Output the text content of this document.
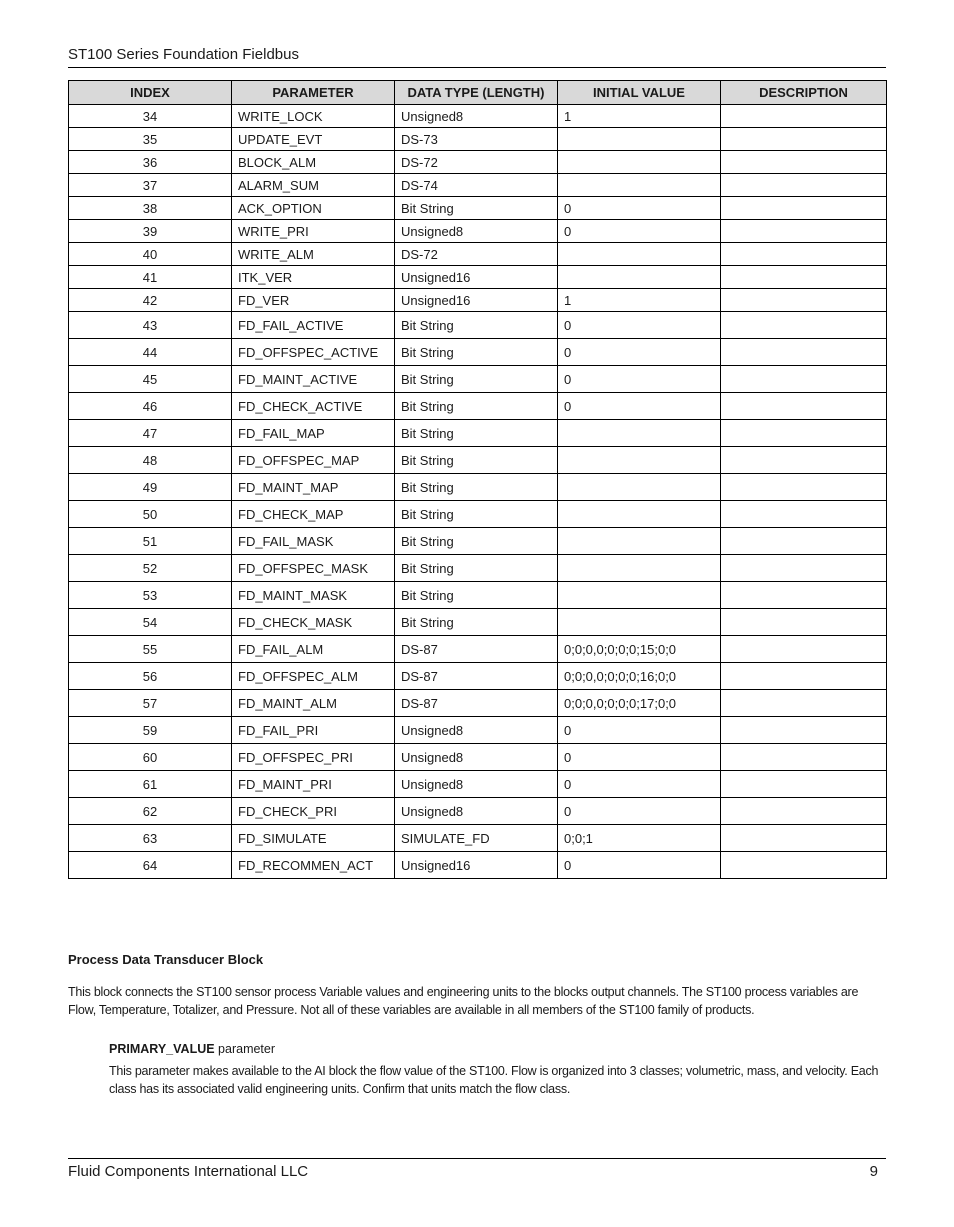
ST100 Series Foundation Fieldbus
INDEX	PARAMETER	DATA TYPE (LENGTH)	INITIAL VALUE	DESCRIPTION
34	WRITE_LOCK	Unsigned8	1	
35	UPDATE_EVT	DS-73		
36	BLOCK_ALM	DS-72		
37	ALARM_SUM	DS-74		
38	ACK_OPTION	Bit String	0	
39	WRITE_PRI	Unsigned8	0	
40	WRITE_ALM	DS-72		
41	ITK_VER	Unsigned16		
42	FD_VER	Unsigned16	1	
43	FD_FAIL_ACTIVE	Bit String	0	
44	FD_OFFSPEC_ACTIVE	Bit String	0	
45	FD_MAINT_ACTIVE	Bit String	0	
46	FD_CHECK_ACTIVE	Bit String	0	
47	FD_FAIL_MAP	Bit String		
48	FD_OFFSPEC_MAP	Bit String		
49	FD_MAINT_MAP	Bit String		
50	FD_CHECK_MAP	Bit String		
51	FD_FAIL_MASK	Bit String		
52	FD_OFFSPEC_MASK	Bit String		
53	FD_MAINT_MASK	Bit String		
54	FD_CHECK_MASK	Bit String		
55	FD_FAIL_ALM	DS-87	0;0;0,0;0;0;0;15;0;0	
56	FD_OFFSPEC_ALM	DS-87	0;0;0,0;0;0;0;16;0;0	
57	FD_MAINT_ALM	DS-87	0;0;0,0;0;0;0;17;0;0	
59	FD_FAIL_PRI	Unsigned8	0	
60	FD_OFFSPEC_PRI	Unsigned8	0	
61	FD_MAINT_PRI	Unsigned8	0	
62	FD_CHECK_PRI	Unsigned8	0	
63	FD_SIMULATE	SIMULATE_FD	0;0;1	
64	FD_RECOMMEN_ACT	Unsigned16	0	
Process Data Transducer Block

This block connects the ST100 sensor process Variable values and engineering units to the blocks output channels. The ST100 process variables are Flow, Temperature, Totalizer, and Pressure. Not all of these variables are available in all members of the ST100 family of products.

PRIMARY_VALUE parameter

This parameter makes available to the AI block the flow value of the ST100. Flow is organized into 3 classes; volumetric, mass, and velocity. Each class has its associated valid engineering units. Confirm that units match the flow class.

Fluid Components International LLC	9
